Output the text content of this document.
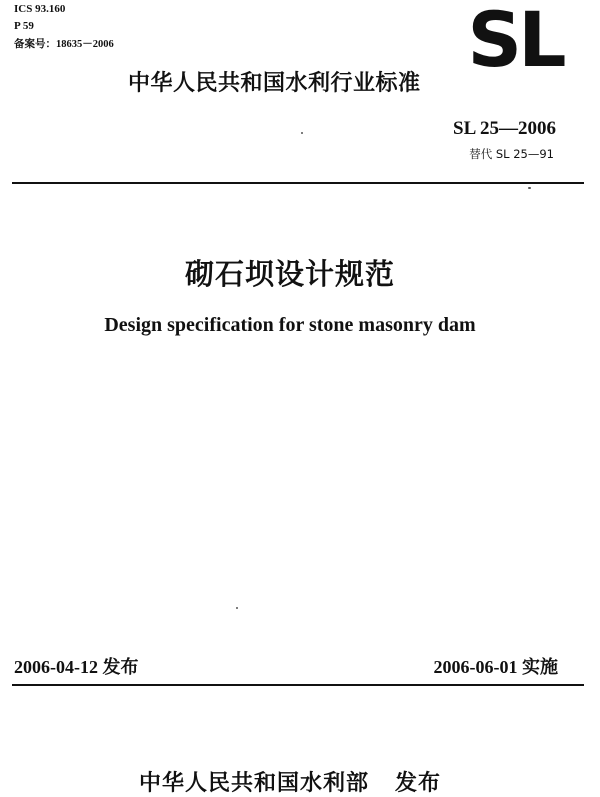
ICS 93.160
P 59
备案号：18635－2006	SL
中华人民共和国水利行业标准
SL 25—2006
替代 SL 25—91
砌石坝设计规范
Design specification for stone masonry dam
2006-04-12 发布	2006-06-01 实施
中华人民共和国水利部   发布
